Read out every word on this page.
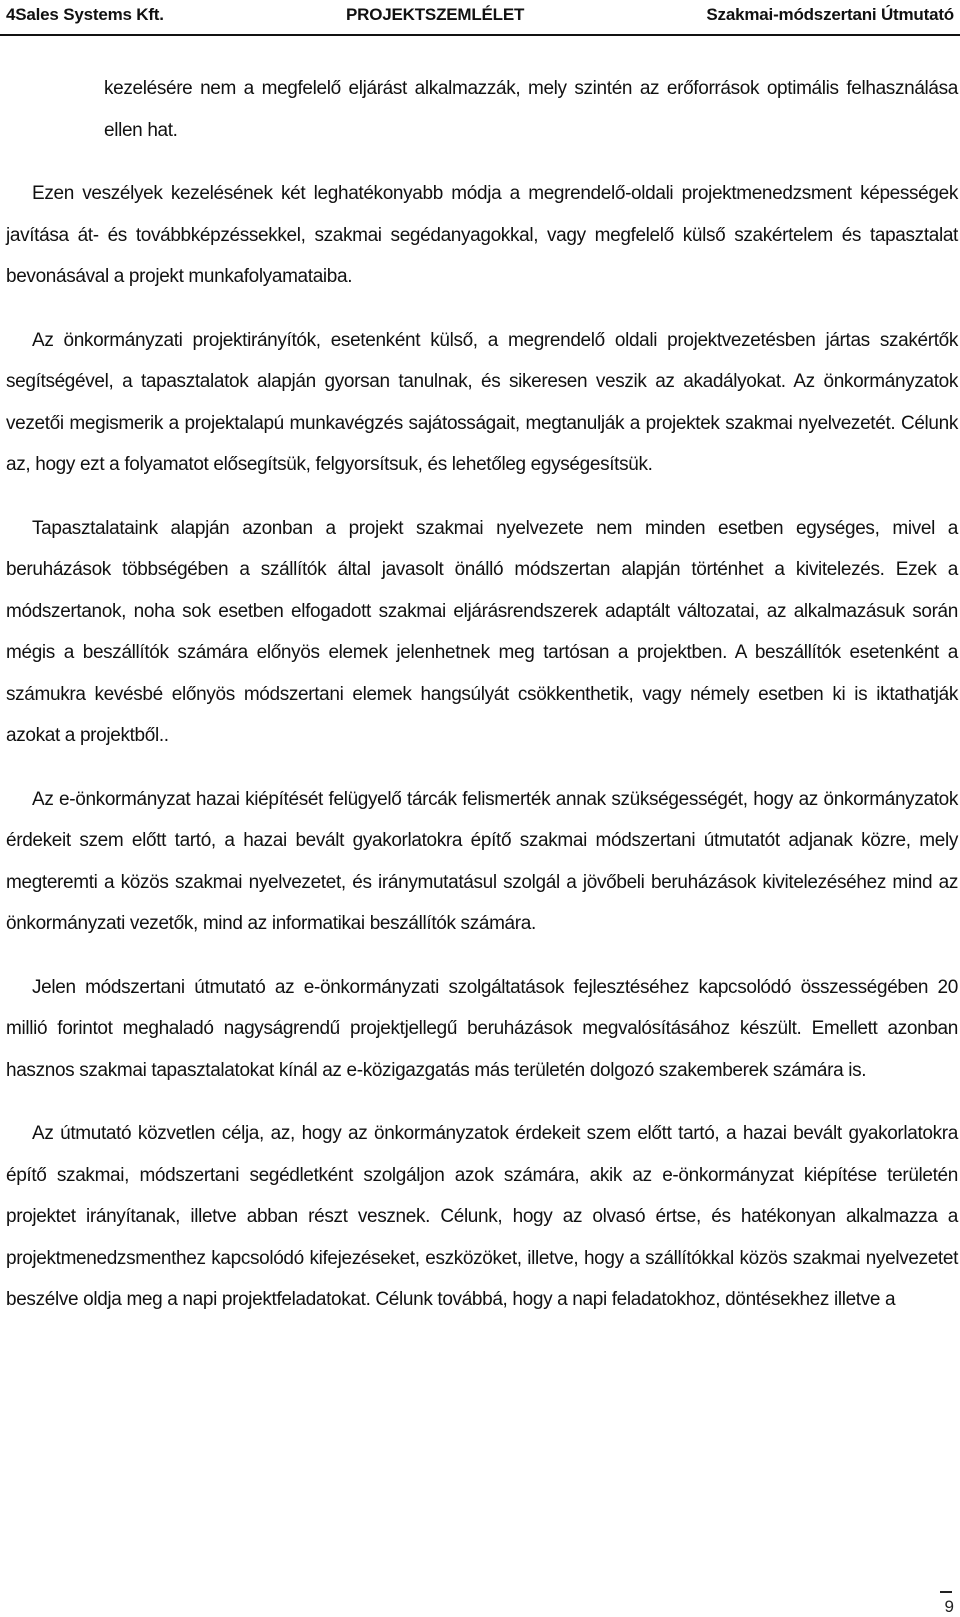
4Sales Systems Kft.	PROJEKTSZEMLÉLET	Szakmai-módszertani Útmutató

kezelésére nem a megfelelő eljárást alkalmazzák, mely szintén az erőforrások optimális felhasználása ellen hat.

Ezen veszélyek kezelésének két leghatékonyabb módja a megrendelő-oldali projektmenedzsment képességek javítása át- és továbbképzéssekkel, szakmai segédanyagokkal, vagy megfelelő külső szakértelem és tapasztalat bevonásával a projekt munkafolyamataiba.

Az önkormányzati projektirányítók, esetenként külső, a megrendelő oldali projektvezetésben jártas szakértők segítségével, a tapasztalatok alapján gyorsan tanulnak, és sikeresen veszik az akadályokat. Az önkormányzatok vezetői megismerik a projektalapú munkavégzés sajátosságait, megtanulják a projektek szakmai nyelvezetét. Célunk az, hogy ezt a folyamatot elősegítsük, felgyorsítsuk, és lehetőleg egységesítsük.

Tapasztalataink alapján azonban a projekt szakmai nyelvezete nem minden esetben egységes, mivel a beruházások többségében a szállítók által javasolt önálló módszertan alapján történhet a kivitelezés. Ezek a módszertanok, noha sok esetben elfogadott szakmai eljárásrendszerek adaptált változatai, az alkalmazásuk során mégis a beszállítók számára előnyös elemek jelenhetnek meg tartósan a projektben. A beszállítók esetenként a számukra kevésbé előnyös módszertani elemek hangsúlyát csökkenthetik, vagy némely esetben ki is iktathatják azokat a projektből..

Az e-önkormányzat hazai kiépítését felügyelő tárcák felismerték annak szükségességét, hogy az önkormányzatok érdekeit szem előtt tartó, a hazai bevált gyakorlatokra építő szakmai módszertani útmutatót adjanak közre, mely megteremti a közös szakmai nyelvezetet, és iránymutatásul szolgál a jövőbeli beruházások kivitelezéséhez mind az önkormányzati vezetők, mind az informatikai beszállítók számára.

Jelen módszertani útmutató az e-önkormányzati szolgáltatások fejlesztéséhez kapcsolódó összességében 20 millió forintot meghaladó nagyságrendű projektjellegű beruházások megvalósításához készült. Emellett azonban hasznos szakmai tapasztalatokat kínál az e-közigazgatás más területén dolgozó szakemberek számára is.

Az útmutató közvetlen célja, az, hogy az önkormányzatok érdekeit szem előtt tartó, a hazai bevált gyakorlatokra építő szakmai, módszertani segédletként szolgáljon azok számára, akik az e-önkormányzat kiépítése területén projektet irányítanak, illetve abban részt vesznek. Célunk, hogy az olvasó értse, és hatékonyan alkalmazza a projektmenedzsmenthez kapcsolódó kifejezéseket, eszközöket, illetve, hogy a szállítókkal közös szakmai nyelvezetet beszélve oldja meg a napi projektfeladatokat. Célunk továbbá, hogy a napi feladatokhoz, döntésekhez illetve a

9
